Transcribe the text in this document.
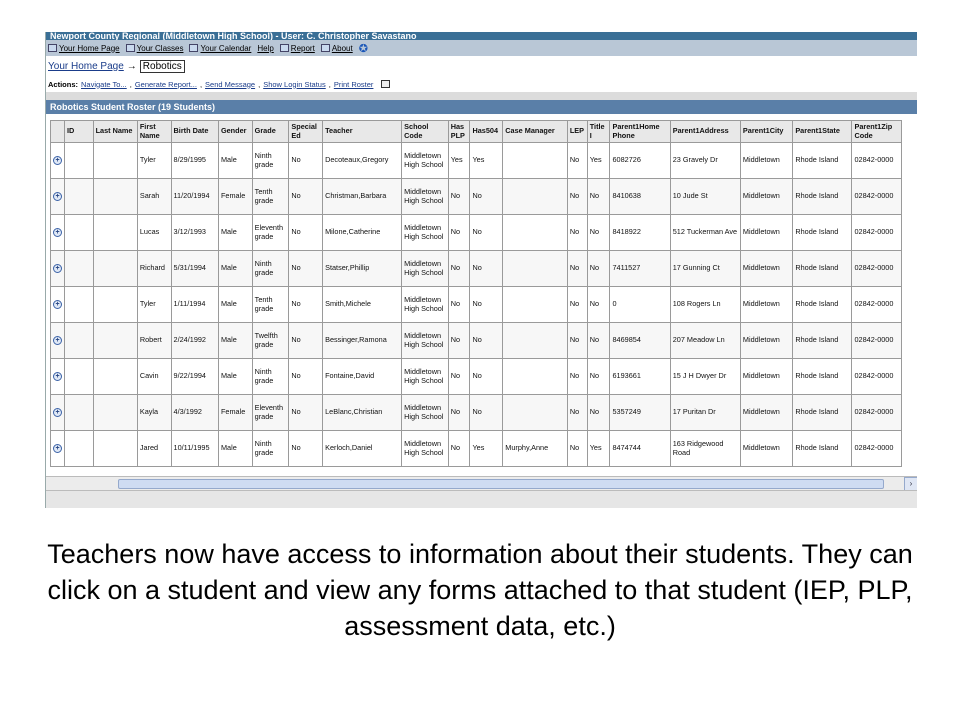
Newport County Regional (Middletown High School) - User: C. Christopher Savastano
Your Home Page Your Classes Your Calendar Help Report About ✪
Your Home Page → Robotics
Actions: Navigate To... , Generate Report... , Send Message , Show Login Status , Print Roster
Robotics Student Roster (19 Students)
	ID	Last Name	First Name	Birth Date	Gender	Grade	Special Ed	Teacher	School Code	Has PLP	Has504	Case Manager	LEP	Title I	Parent1Home Phone	Parent1Address	Parent1City	Parent1State	Parent1Zip Code
+			Tyler	8/29/1995	Male	Ninth grade	No	Decoteaux,Gregory	Middletown High School	Yes	Yes		No	Yes	6082726	23 Gravely Dr	Middletown	Rhode Island	02842-0000
+			Sarah	11/20/1994	Female	Tenth grade	No	Christman,Barbara	Middletown High School	No	No		No	No	8410638	10 Jude St	Middletown	Rhode Island	02842-0000
+			Lucas	3/12/1993	Male	Eleventh grade	No	Milone,Catherine	Middletown High School	No	No		No	No	8418922	512 Tuckerman Ave	Middletown	Rhode Island	02842-0000
+			Richard	5/31/1994	Male	Ninth grade	No	Statser,Phillip	Middletown High School	No	No		No	No	7411527	17 Gunning Ct	Middletown	Rhode Island	02842-0000
+			Tyler	1/11/1994	Male	Tenth grade	No	Smith,Michele	Middletown High School	No	No		No	No	0	108 Rogers Ln	Middletown	Rhode Island	02842-0000
+			Robert	2/24/1992	Male	Twelfth grade	No	Bessinger,Ramona	Middletown High School	No	No		No	No	8469854	207 Meadow Ln	Middletown	Rhode Island	02842-0000
+			Cavin	9/22/1994	Male	Ninth grade	No	Fontaine,David	Middletown High School	No	No		No	No	6193661	15 J H Dwyer Dr	Middletown	Rhode Island	02842-0000
+			Kayla	4/3/1992	Female	Eleventh grade	No	LeBlanc,Christian	Middletown High School	No	No		No	No	5357249	17 Puritan Dr	Middletown	Rhode Island	02842-0000
+			Jared	10/11/1995	Male	Ninth grade	No	Kerloch,Daniel	Middletown High School	No	Yes	Murphy,Anne	No	Yes	8474744	163 Ridgewood Road	Middletown	Rhode Island	02842-0000
›
Teachers now have access to information about their students. They can click on a student and view any forms attached to that student (IEP, PLP, assessment data, etc.)
